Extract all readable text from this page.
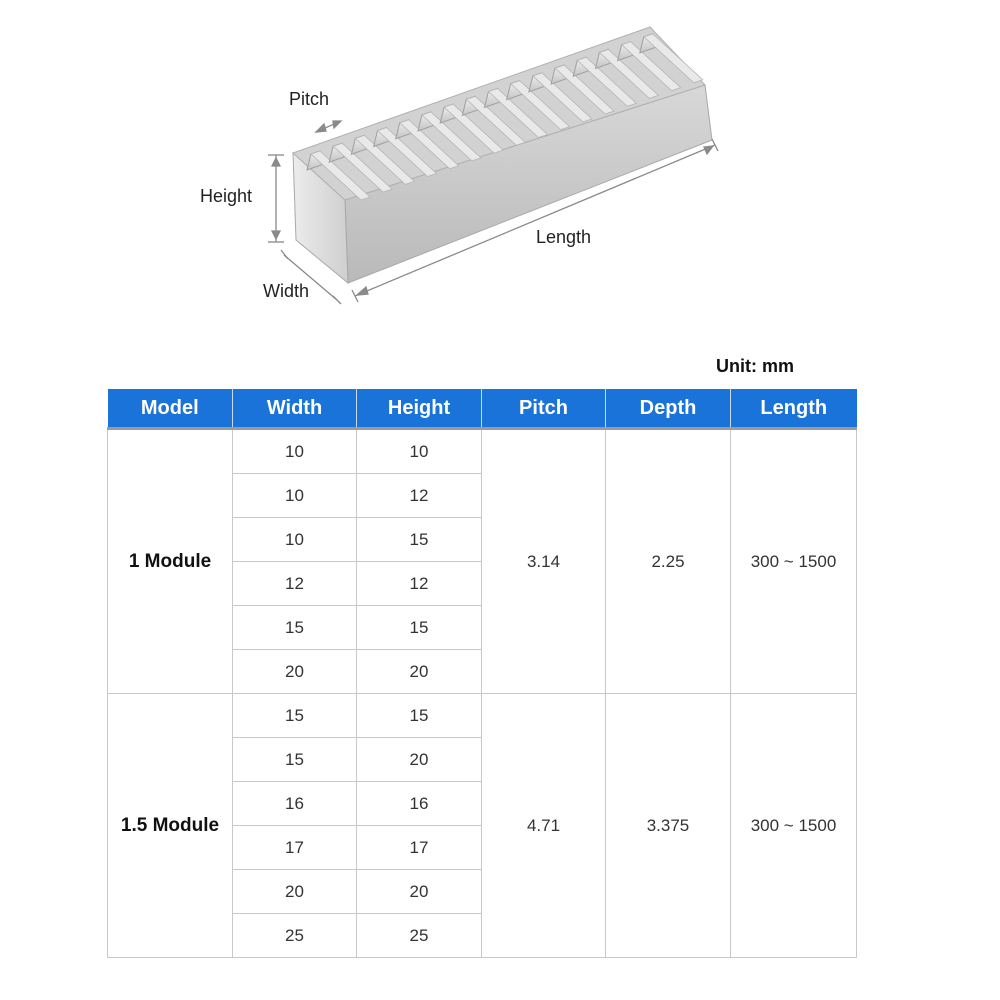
Pitch
Height
Width
Length
Unit: mm
Model	Width	Height	Pitch	Depth	Length
1 Module	10	10	3.14	2.25	300 ~ 1500
	10	12			
	10	15			
	12	12			
	15	15			
	20	20			
1.5 Module	15	15	4.71	3.375	300 ~ 1500
	15	20			
	16	16			
	17	17			
	20	20			
	25	25			
